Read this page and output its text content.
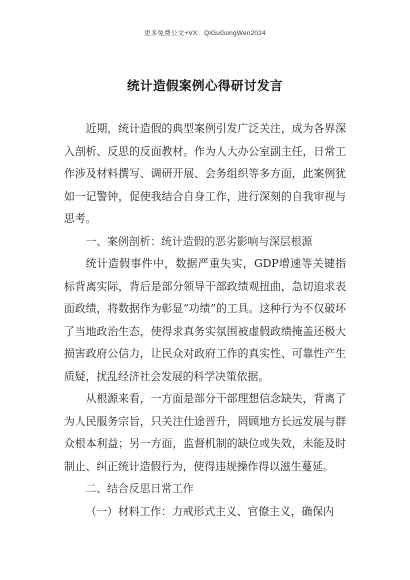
更多免费公文+VX：QiGuGongWen2024
统计造假案例心得研讨发言

近期，统计造假的典型案例引发广泛关注，成为各界深入剖析、反思的反面教材。作为人大办公室副主任，日常工作涉及材料撰写、调研开展、会务组织等多方面，此案例犹如一记警钟，促使我结合自身工作，进行深刻的自我审视与思考。

一、案例剖析：统计造假的恶劣影响与深层根源

统计造假事件中，数据严重失实，GDP增速等关键指标背离实际，背后是部分领导干部政绩观扭曲，急切追求表面政绩，将数据作为彰显“功绩”的工具。这种行为不仅破坏了当地政治生态，使得求真务实氛围被虚假政绩掩盖还极大损害政府公信力，让民众对政府工作的真实性、可靠性产生质疑，扰乱经济社会发展的科学决策依据。

从根源来看，一方面是部分干部理想信念缺失，背离了为人民服务宗旨，只关注仕途晋升，罔顾地方长远发展与群众根本利益；另一方面，监督机制的缺位或失效，未能及时制止、纠正统计造假行为，使得违规操作得以滋生蔓延。

二、结合反思日常工作

（一）材料工作：力戒形式主义、官僚主义，确保内
